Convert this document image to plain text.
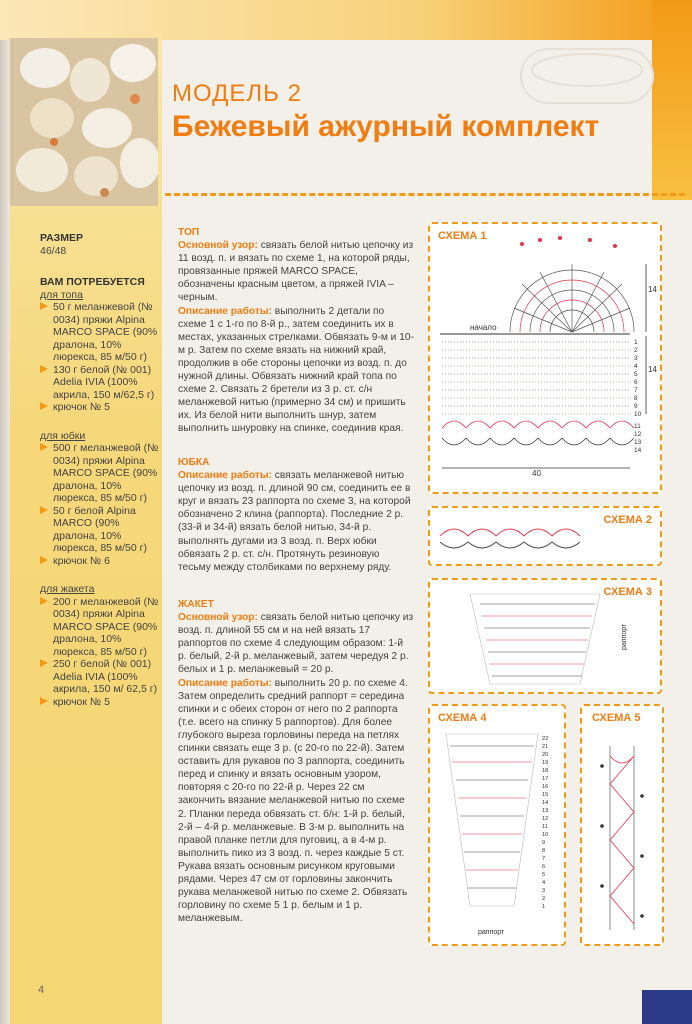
МОДЕЛЬ 2
Бежевый ажурный комплект
РАЗМЕР
46/48
ВАМ ПОТРЕБУЕТСЯ
для топа
50 г меланжевой (№ 0034) пряжи Alpina MARCO SPACE (90% дралона, 10% люрекса, 85 м/50 г)
130 г белой (№ 001) Adelia IVIA (100% акрила, 150 м/62,5 г)
крючок № 5
для юбки
500 г меланжевой (№ 0034) пряжи Alpina MARCO SPACE (90% дралона, 10% люрекса, 85 м/50 г)
50 г белой Alpina MARCO (90% дралона, 10% люрекса, 85 м/50 г)
крючок № 6
для жакета
200 г меланжевой (№ 0034) пряжи Alpina MARCO SPACE (90% дралона, 10% люрекса, 85 м/50 г)
250 г белой (№ 001) Adelia IVIA (100% акрила, 150 м/ 62,5 г)
крючок № 5
ТОП
Основной узор: связать белой нитью цепочку из 11 возд. п. и вязать по схеме 1, на которой ряды, провязанные пряжей MARCO SPACE, обозначены красным цветом, а пряжей IVIA – черным.
Описание работы: выполнить 2 детали по схеме 1 с 1-го по 8-й р., затем соединить их в местах, указанных стрелками. Обвязать 9-м и 10-м р. Затем по схеме вязать на нижний край, продолжив в обе стороны цепочки из возд. п. до нужной длины. Обвязать нижний край топа по схеме 2. Связать 2 бретели из 3 р. ст. с/н меланжевой нитью (примерно 34 см) и пришить их. Из белой нити выполнить шнур, затем выполнить шнуровку на спинке, соединив края.
ЮБКА
Описание работы: связать меланжевой нитью цепочку из возд. п. длиной 90 см, соединить ее в круг и вязать 23 раппорта по схеме 3, на которой обозначено 2 клина (раппорта). Последние 2 р. (33-й и 34-й) вязать белой нитью, 34-й р. выполнять дугами из 3 возд. п. Верх юбки обвязать 2 р. ст. с/н. Протянуть резиновую тесьму между столбиками по верхнему ряду.
ЖАКЕТ
Основной узор: связать белой нитью цепочку из возд. п. длиной 55 см и на ней вязать 17 раппортов по схеме 4 следующим образом: 1-й р. белый, 2-й р. меланжевый, затем чередуя 2 р. белых и 1 р. меланжевый = 20 р.
Описание работы: выполнить 20 р. по схеме 4. Затем определить средний раппорт = середина спинки и с обеих сторон от него по 2 раппорта (т.е. всего на спинку 5 раппортов). Для более глубокого выреза горловины переда на петлях спинки связать еще 3 р. (с 20-го по 22-й). Затем оставить для рукавов по 3 раппорта, соединить перед и спинку и вязать основным узором, повторяя с 20-го по 22-й р. Через 22 см закончить вязание меланжевой нитью по схеме 2. Планки переда обвязать ст. б/н: 1-й р. белый, 2-й – 4-й р. меланжевые. В 3-м р. выполнить на правой планке петли для пуговиц, а в 4-м р. выполнить пико из 3 возд. п. через каждые 5 ст. Рукава вязать основным рисунком круговыми рядами. Через 47 см от горловины закончить рукава меланжевой нитью по схеме 2. Обвязать горловину по схеме 5 1 р. белым и 1 р. меланжевым.
СХЕМА 1
начало
40
14
14
1
2
3
4
5
6
7
8
9
10
11
12
13
14
СХЕМА 2
СХЕМА 3
раппорт
СХЕМА 4
22
21
20
19
18
17
16
15
14
13
12
11
10
9
8
7
6
5
4
3
2
1
раппорт
СХЕМА 5
4
